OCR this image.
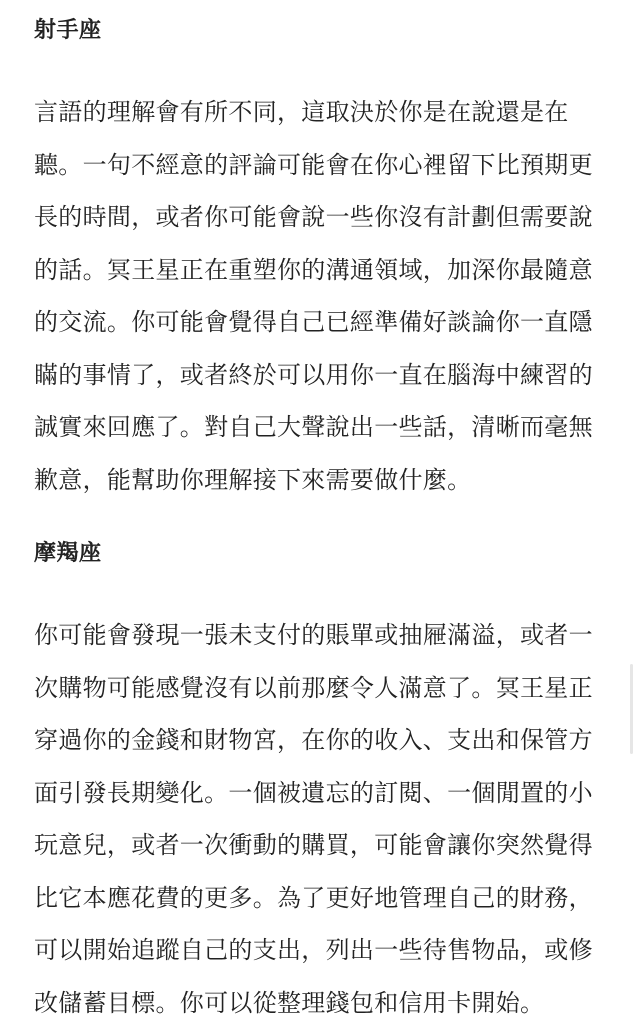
射手座

言語的理解會有所不同，這取決於你是在說還是在
聽。一句不經意的評論可能會在你心裡留下比預期更
長的時間，或者你可能會說一些你沒有計劃但需要說
的話。冥王星正在重塑你的溝通領域，加深你最隨意
的交流。你可能會覺得自己已經準備好談論你一直隱
瞞的事情了，或者終於可以用你一直在腦海中練習的
誠實來回應了。對自己大聲說出一些話，清晰而毫無
歉意，能幫助你理解接下來需要做什麼。

摩羯座

你可能會發現一張未支付的賬單或抽屜滿溢，或者一
次購物可能感覺沒有以前那麼令人滿意了。冥王星正
穿過你的金錢和財物宮，在你的收入、支出和保管方
面引發長期變化。一個被遺忘的訂閱、一個閒置的小
玩意兒，或者一次衝動的購買，可能會讓你突然覺得
比它本應花費的更多。為了更好地管理自己的財務，
可以開始追蹤自己的支出，列出一些待售物品，或修
改儲蓄目標。你可以從整理錢包和信用卡開始。
